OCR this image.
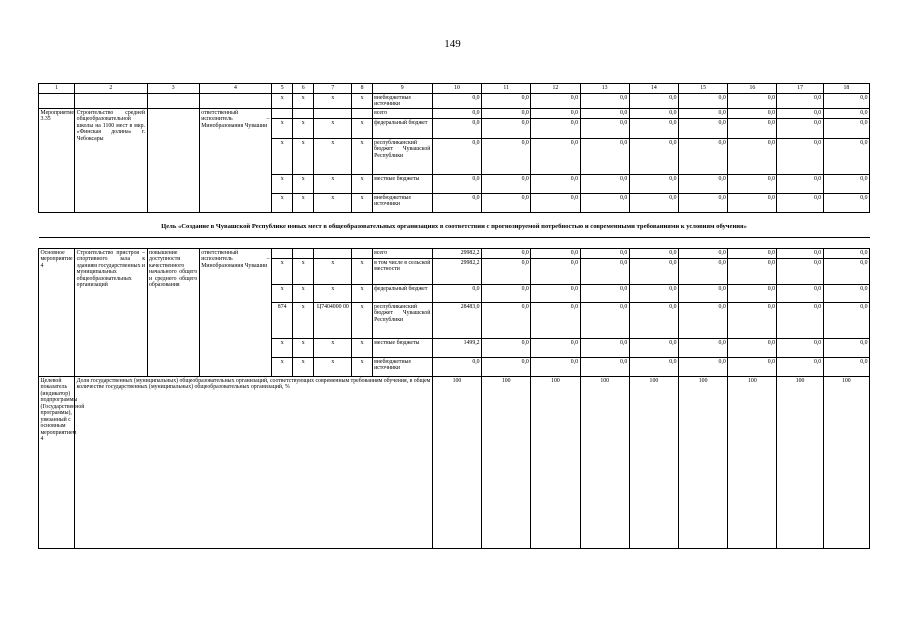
149
1	2	3	4	5	6	7	8	9	10	11	12	13	14	15	16	17	18
				x	x	x	x	внебюджетные источники	0,0	0,0	0,0	0,0	0,0	0,0	0,0	0,0	0,0
Мероприятие 3.35	Строительство средней общеобразовательной школы на 1100 мест в мкр. «Финская долина» г. Чебоксары		ответственный исполнитель – Минобразования Чувашии					всего	0,0	0,0	0,0	0,0	0,0	0,0	0,0	0,0	0,0
				x	x	x	x	федеральный бюджет	0,0	0,0	0,0	0,0	0,0	0,0	0,0	0,0	0,0
				x	x	x	x	республиканский бюджет Чувашской Республики	0,0	0,0	0,0	0,0	0,0	0,0	0,0	0,0	0,0
				x	x	x	x	местные бюджеты	0,0	0,0	0,0	0,0	0,0	0,0	0,0	0,0	0,0
				x	x	x	x	внебюджетные источники	0,0	0,0	0,0	0,0	0,0	0,0	0,0	0,0	0,0
Цель «Создание в Чувашской Республике новых мест в общеобразовательных организациях в соответствии с прогнозируемой потребностью и современными требованиями к условиям обучения»																	

Основное мероприятие 4	Строительство пристроя – спортивного зала к зданиям государственных и муниципальных общеобразовательных организаций	повышение доступности качественного начального общего и среднего общего образования	ответственный исполнитель – Минобразования Чувашии					всего	29982,2	0,0	0,0	0,0	0,0	0,0	0,0	0,0	0,0
				x	x	x	x	в том числе в сельской местности	29982,2	0,0	0,0	0,0	0,0	0,0	0,0	0,0	0,0
				x	x	x	x	федеральный бюджет	0,0	0,0	0,0	0,0	0,0	0,0	0,0	0,0	0,0
				874	x	Ц7404000 00	x	республиканский бюджет Чувашской Республики	28483,0	0,0	0,0	0,0	0,0	0,0	0,0	0,0	0,0
				x	x	x	x	местные бюджеты	1499,2	0,0	0,0	0,0	0,0	0,0	0,0	0,0	0,0
				x	x	x	x	внебюджетные источники	0,0	0,0	0,0	0,0	0,0	0,0	0,0	0,0	0,0
Целевой показатель (индикатор) подпрограммы (Государственной программы), увязанный с основным мероприятием 4	Доля государственных (муниципальных) общеобразовательных организаций, соответствующих современным требованиям обучения, в общем количестве государственных (муниципальных) общеобразовательных организаций, %								100	100	100	100	100	100	100	100	100
